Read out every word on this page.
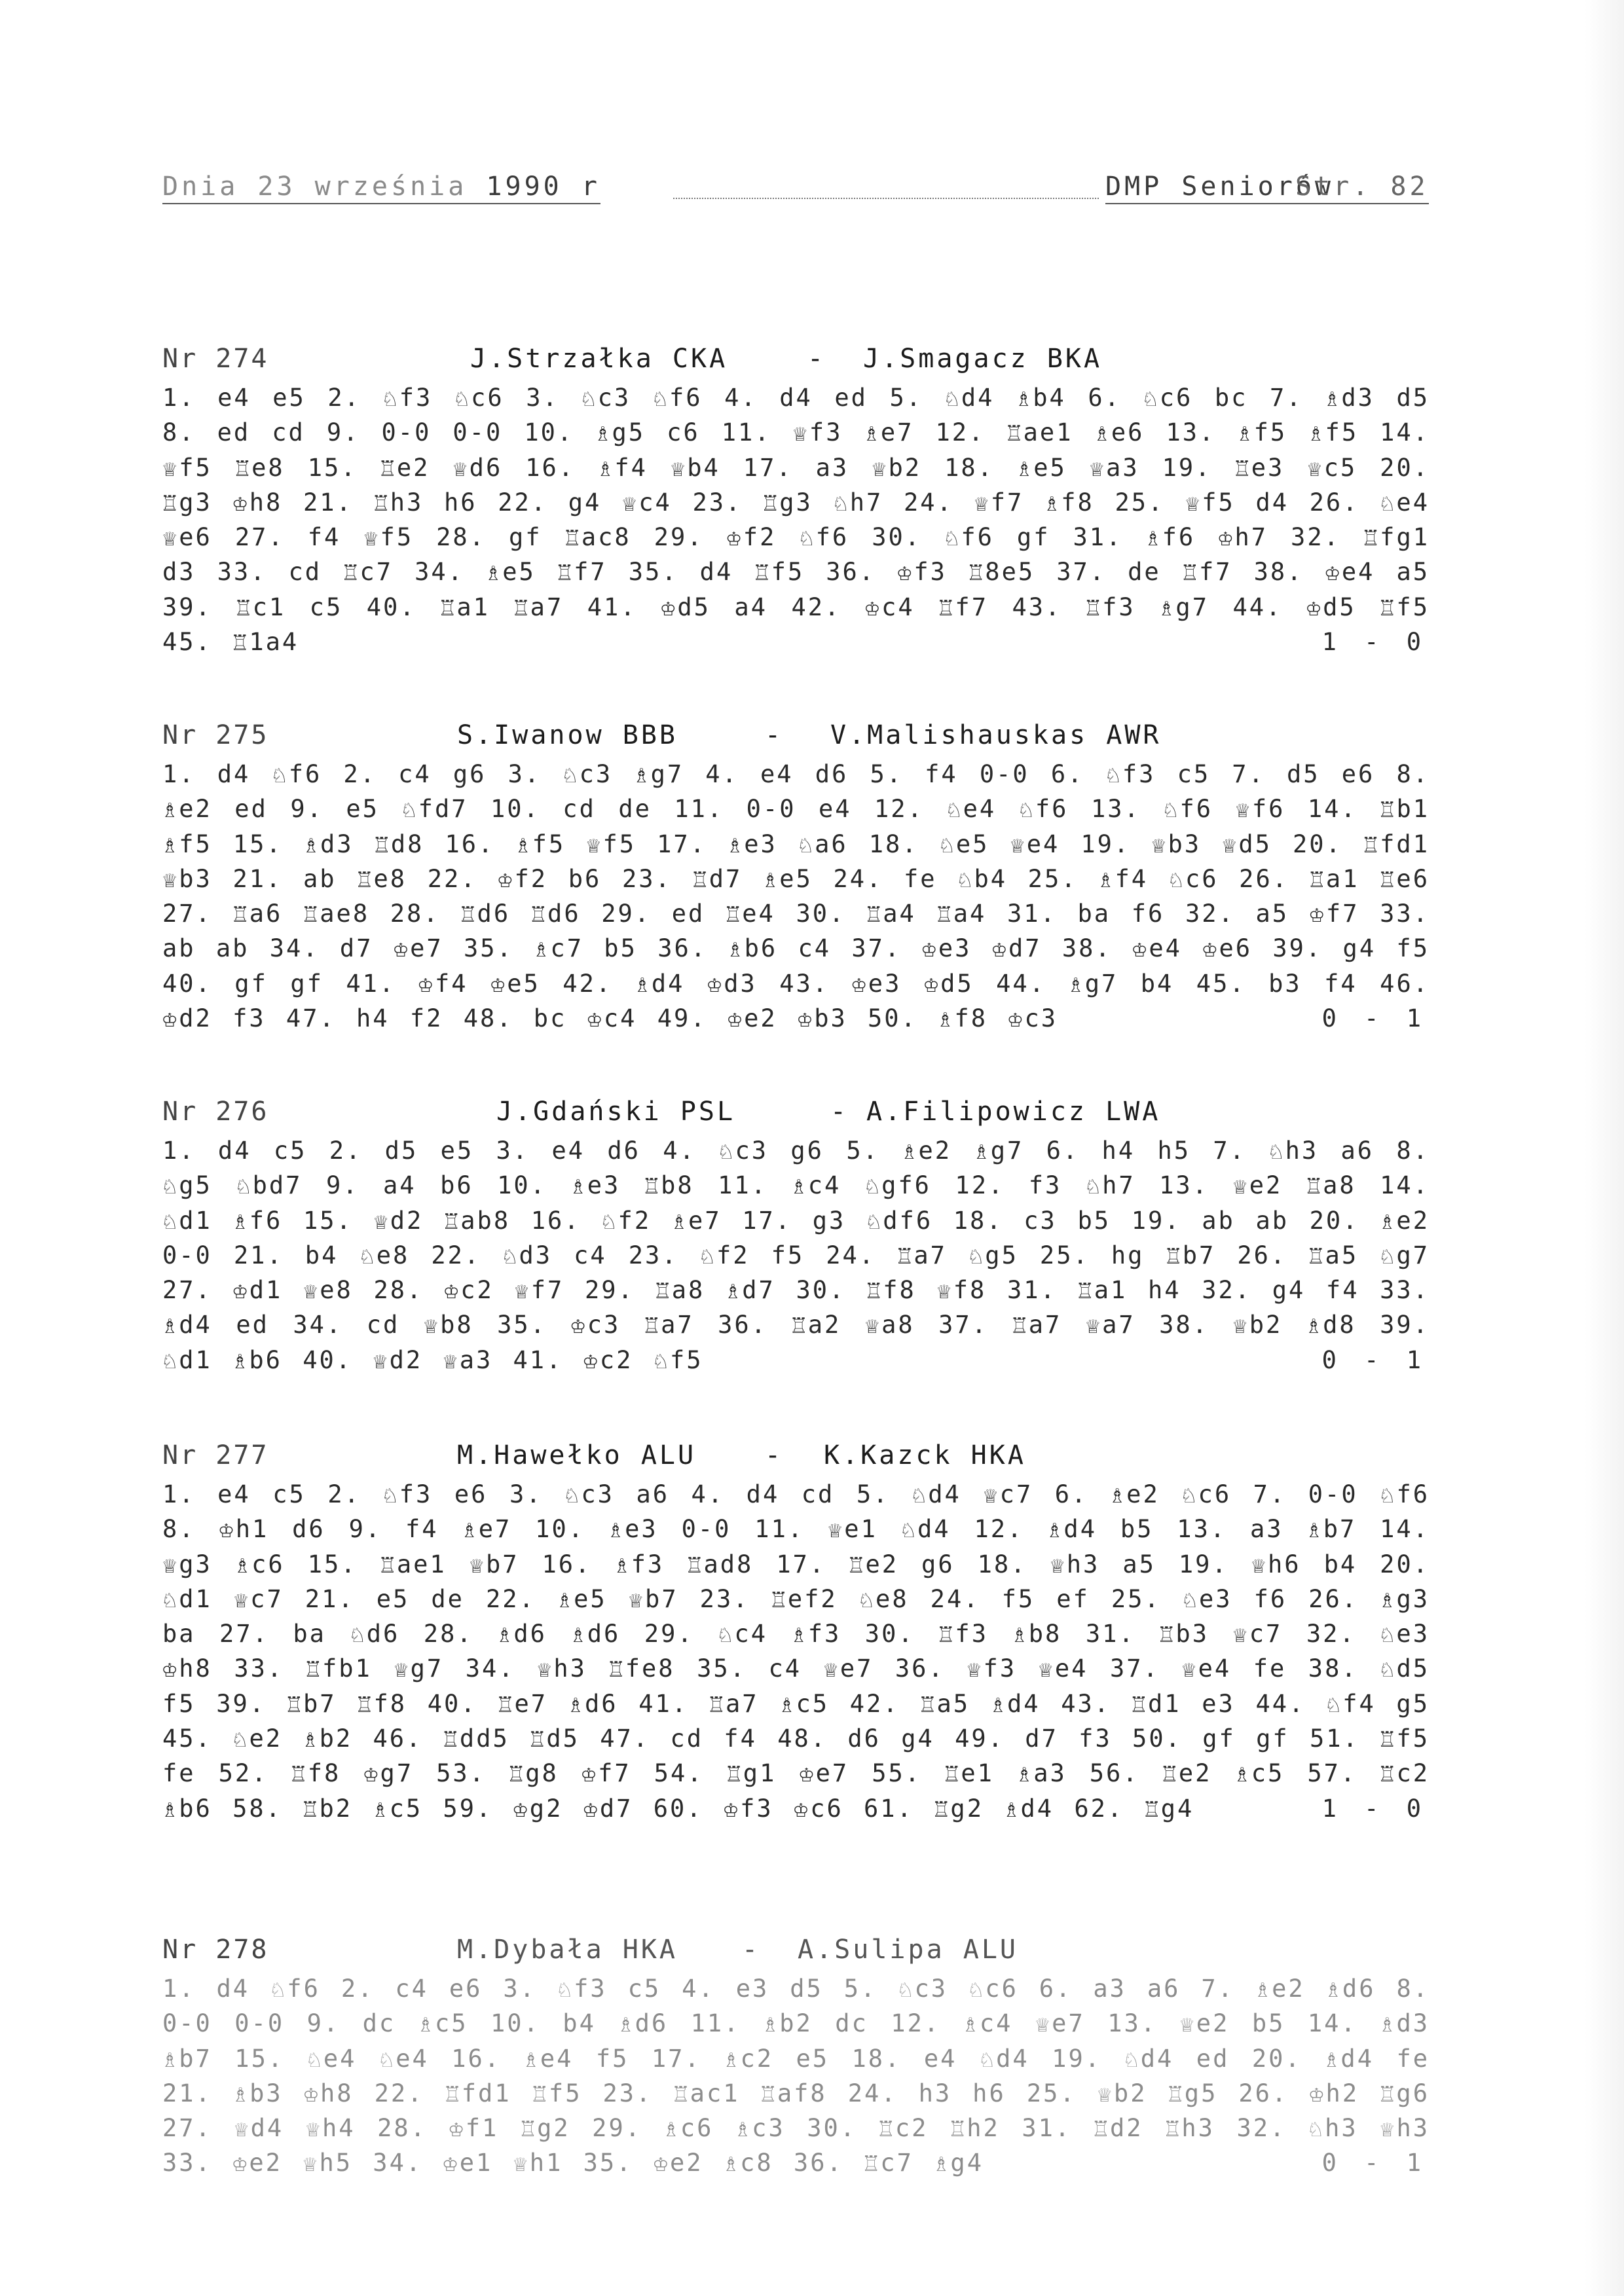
Dnia 23 września 1990 r	DMP Seniorów
Str. 82

Nr 274

	J.Strzałka CKA

	-

J.Smagacz BKA

1. e4 e5 2. ♘f3 ♘c6 3. ♘c3 ♘f6 4. d4 ed 5. ♘d4 ♗b4 6. ♘c6 bc 7. ♗d3 d5 8. ed cd 9. 0-0 0-0 10. ♗g5 c6 11. ♕f3 ♗e7 12. ♖ae1 ♗e6 13. ♗f5 ♗f5 14. ♕f5 ♖e8 15. ♖e2 ♕d6 16. ♗f4 ♕b4 17. a3 ♕b2 18. ♗e5 ♕a3 19. ♖e3 ♕c5 20. ♖g3 ♔h8 21. ♖h3 h6 22. g4 ♕c4 23. ♖g3 ♘h7 24. ♕f7 ♗f8 25. ♕f5 d4 26. ♘e4 ♕e6 27. f4 ♕f5 28. gf ♖ac8 29. ♔f2 ♘f6 30. ♘f6 gf 31. ♗f6 ♔h7 32. ♖fg1 d3 33. cd ♖c7 34. ♗e5 ♖f7 35. d4 ♖f5 36. ♔f3 ♖8e5 37. de ♖f7 38. ♔e4 a5 39. ♖c1 c5 40. ♖a1 ♖a7 41. ♔d5 a4 42. ♔c4 ♖f7 43. ♖f3 ♗g7 44. ♔d5 ♖f5 45. ♖1a4	1 - 0

Nr 275

	S.Iwanow BBB

	-

V.Malishauskas AWR

1. d4 ♘f6 2. c4 g6 3. ♘c3 ♗g7 4. e4 d6 5. f4 0-0 6. ♘f3 c5 7. d5 e6 8. ♗e2 ed 9. e5 ♘fd7 10. cd de 11. 0-0 e4 12. ♘e4 ♘f6 13. ♘f6 ♕f6 14. ♖b1 ♗f5 15. ♗d3 ♖d8 16. ♗f5 ♕f5 17. ♗e3 ♘a6 18. ♘e5 ♕e4 19. ♕b3 ♕d5 20. ♖fd1 ♕b3 21. ab ♖e8 22. ♔f2 b6 23. ♖d7 ♗e5 24. fe ♘b4 25. ♗f4 ♘c6 26. ♖a1 ♖e6 27. ♖a6 ♖ae8 28. ♖d6 ♖d6 29. ed ♖e4 30. ♖a4 ♖a4 31. ba f6 32. a5 ♔f7 33. ab ab 34. d7 ♔e7 35. ♗c7 b5 36. ♗b6 c4 37. ♔e3 ♔d7 38. ♔e4 ♔e6 39. g4 f5 40. gf gf 41. ♔f4 ♔e5 42. ♗d4 ♔d3 43. ♔e3 ♔d5 44. ♗g7 b4 45. b3 f4 46. ♔d2 f3 47. h4 f2 48. bc ♔c4 49. ♔e2 ♔b3 50. ♗f8 ♔c3	0 - 1

Nr 276

	J.Gdański PSL

	-

A.Filipowicz LWA

1. d4 c5 2. d5 e5 3. e4 d6 4. ♘c3 g6 5. ♗e2 ♗g7 6. h4 h5 7. ♘h3 a6 8. ♘g5 ♘bd7 9. a4 b6 10. ♗e3 ♖b8 11. ♗c4 ♘gf6 12. f3 ♘h7 13. ♕e2 ♖a8 14. ♘d1 ♗f6 15. ♕d2 ♖ab8 16. ♘f2 ♗e7 17. g3 ♘df6 18. c3 b5 19. ab ab 20. ♗e2 0-0 21. b4 ♘e8 22. ♘d3 c4 23. ♘f2 f5 24. ♖a7 ♘g5 25. hg ♖b7 26. ♖a5 ♘g7 27. ♔d1 ♕e8 28. ♔c2 ♕f7 29. ♖a8 ♗d7 30. ♖f8 ♕f8 31. ♖a1 h4 32. g4 f4 33. ♗d4 ed 34. cd ♕b8 35. ♔c3 ♖a7 36. ♖a2 ♕a8 37. ♖a7 ♕a7 38. ♕b2 ♗d8 39. ♘d1 ♗b6 40. ♕d2 ♕a3 41. ♔c2 ♘f5	0 - 1

Nr 277

	M.Hawełko ALU

	-

K.Kazck HKA

1. e4 c5 2. ♘f3 e6 3. ♘c3 a6 4. d4 cd 5. ♘d4 ♕c7 6. ♗e2 ♘c6 7. 0-0 ♘f6 8. ♔h1 d6 9. f4 ♗e7 10. ♗e3 0-0 11. ♕e1 ♘d4 12. ♗d4 b5 13. a3 ♗b7 14. ♕g3 ♗c6 15. ♖ae1 ♕b7 16. ♗f3 ♖ad8 17. ♖e2 g6 18. ♕h3 a5 19. ♕h6 b4 20. ♘d1 ♕c7 21. e5 de 22. ♗e5 ♕b7 23. ♖ef2 ♘e8 24. f5 ef 25. ♘e3 f6 26. ♗g3 ba 27. ba ♘d6 28. ♗d6 ♗d6 29. ♘c4 ♗f3 30. ♖f3 ♗b8 31. ♖b3 ♕c7 32. ♘e3 ♔h8 33. ♖fb1 ♕g7 34. ♕h3 ♖fe8 35. c4 ♕e7 36. ♕f3 ♕e4 37. ♕e4 fe 38. ♘d5 f5 39. ♖b7 ♖f8 40. ♖e7 ♗d6 41. ♖a7 ♗c5 42. ♖a5 ♗d4 43. ♖d1 e3 44. ♘f4 g5 45. ♘e2 ♗b2 46. ♖dd5 ♖d5 47. cd f4 48. d6 g4 49. d7 f3 50. gf gf 51. ♖f5 fe 52. ♖f8 ♔g7 53. ♖g8 ♔f7 54. ♖g1 ♔e7 55. ♖e1 ♗a3 56. ♖e2 ♗c5 57. ♖c2 ♗b6 58. ♖b2 ♗c5 59. ♔g2 ♔d7 60. ♔f3 ♔c6 61. ♖g2 ♗d4 62. ♖g4	1 - 0

Nr 278

	M.Dybała HKA

-

A.Sulipa ALU

1. d4 ♘f6 2. c4 e6 3. ♘f3 c5 4. e3 d5 5. ♘c3 ♘c6 6. a3 a6 7. ♗e2 ♗d6 8. 0-0 0-0 9. dc ♗c5 10. b4 ♗d6 11. ♗b2 dc 12. ♗c4 ♕e7 13. ♕e2 b5 14. ♗d3 ♗b7 15. ♘e4 ♘e4 16. ♗e4 f5 17. ♗c2 e5 18. e4 ♘d4 19. ♘d4 ed 20. ♗d4 fe 21. ♗b3 ♔h8 22. ♖fd1 ♖f5 23. ♖ac1 ♖af8 24. h3 h6 25. ♕b2 ♖g5 26. ♔h2 ♖g6 27. ♕d4 ♕h4 28. ♔f1 ♖g2 29. ♗c6 ♗c3 30. ♖c2 ♖h2 31. ♖d2 ♖h3 32. ♘h3 ♕h3 33. ♔e2 ♕h5 34. ♔e1 ♕h1 35. ♔e2 ♗c8 36. ♖c7 ♗g4	0 - 1
